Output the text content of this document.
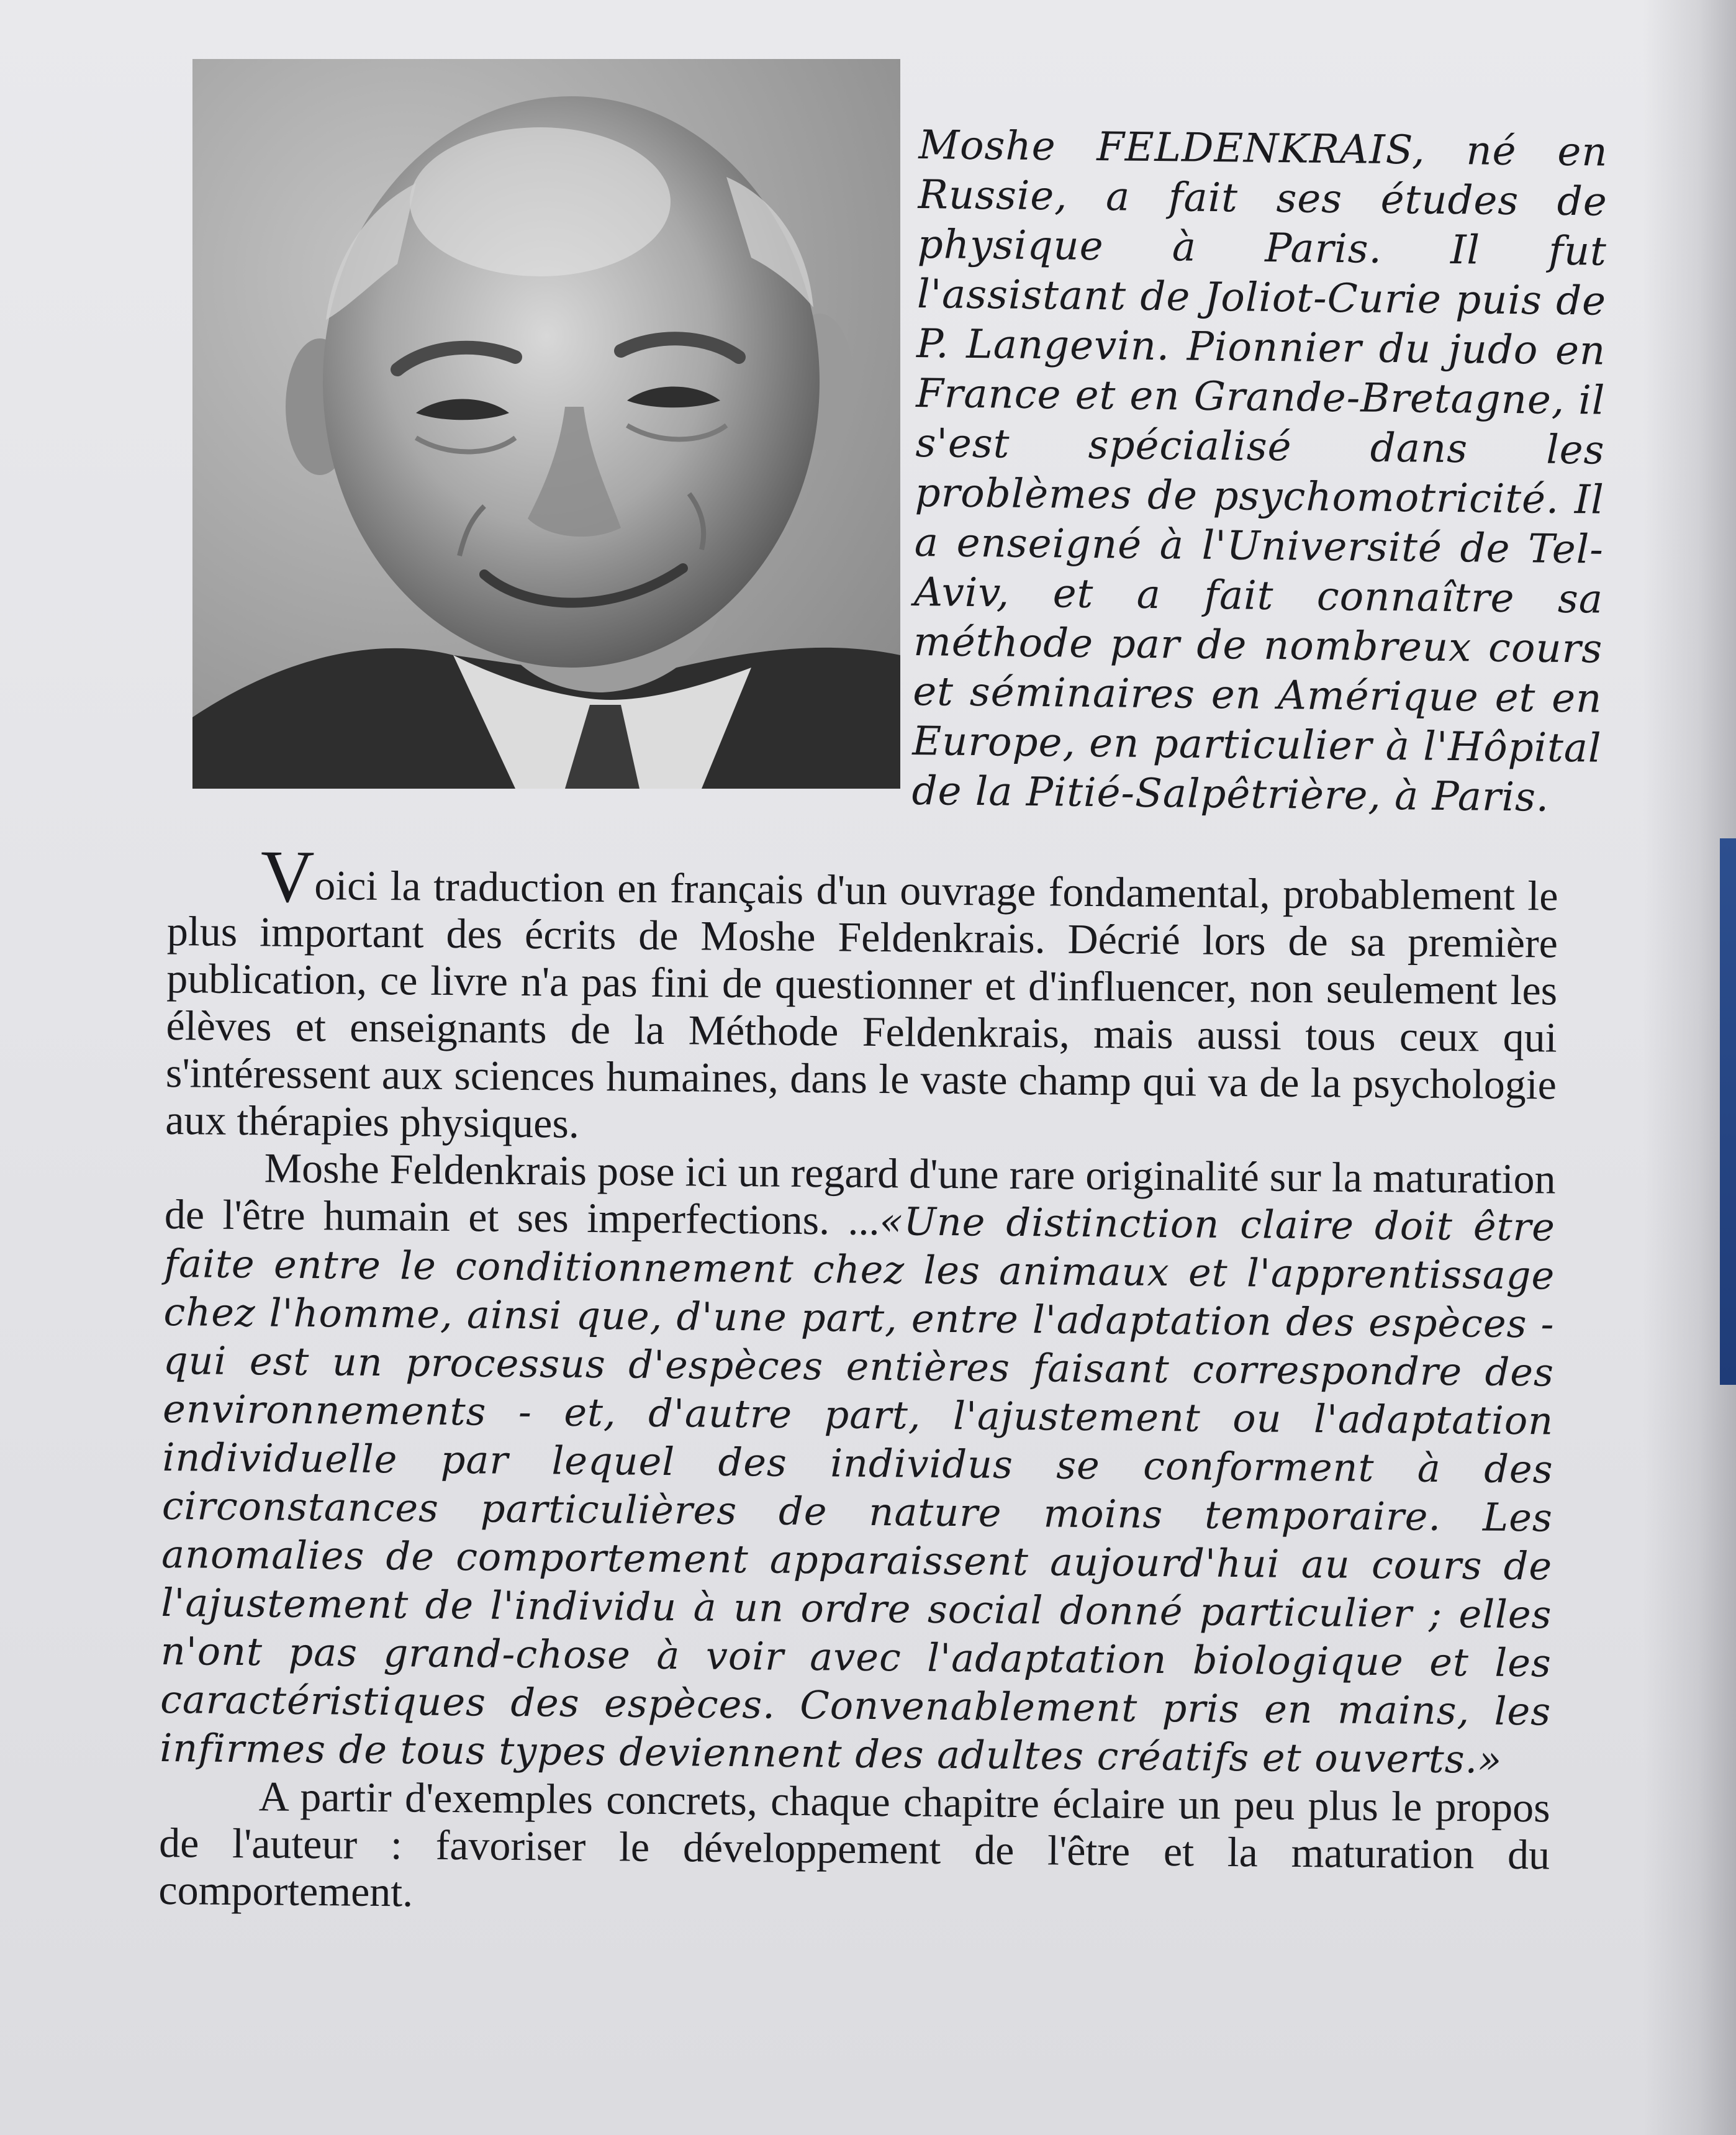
Moshe FELDENKRAIS, né en Russie, a fait ses études de physique à Paris. Il fut l'assistant de Joliot-Curie puis de P. Langevin. Pionnier du judo en France et en Grande-Bretagne, il s'est spécialisé dans les problèmes de psychomotricité. Il a enseigné à l'Université de Tel-Aviv, et a fait connaître sa méthode par de nombreux cours et séminaires en Amérique et en Europe, en particulier à l'Hôpital de la Pitié-Salpêtrière, à Paris.

Voici la traduction en français d'un ouvrage fondamental, probablement le plus important des écrits de Moshe Feldenkrais. Décrié lors de sa première publication, ce livre n'a pas fini de questionner et d'influencer, non seulement les élèves et enseignants de la Méthode Feldenkrais, mais aussi tous ceux qui s'intéressent aux sciences humaines, dans le vaste champ qui va de la psychologie aux thérapies physiques.

Moshe Feldenkrais pose ici un regard d'une rare originalité sur la maturation de l'être humain et ses imperfections. ...«Une distinction claire doit être faite entre le conditionnement chez les animaux et l'apprentissage chez l'homme, ainsi que, d'une part, entre l'adaptation des espèces - qui est un processus d'espèces entières faisant correspondre des environnements - et, d'autre part, l'ajustement ou l'adaptation individuelle par lequel des individus se conforment à des circonstances particulières de nature moins temporaire. Les anomalies de comportement apparaissent aujourd'hui au cours de l'ajustement de l'individu à un ordre social donné particulier ; elles n'ont pas grand-chose à voir avec l'adaptation biologique et les caractéristiques des espèces. Convenablement pris en mains, les infirmes de tous types deviennent des adultes créatifs et ouverts.»

A partir d'exemples concrets, chaque chapitre éclaire un peu plus le propos de l'auteur : favoriser le développement de l'être et la maturation du comportement.
